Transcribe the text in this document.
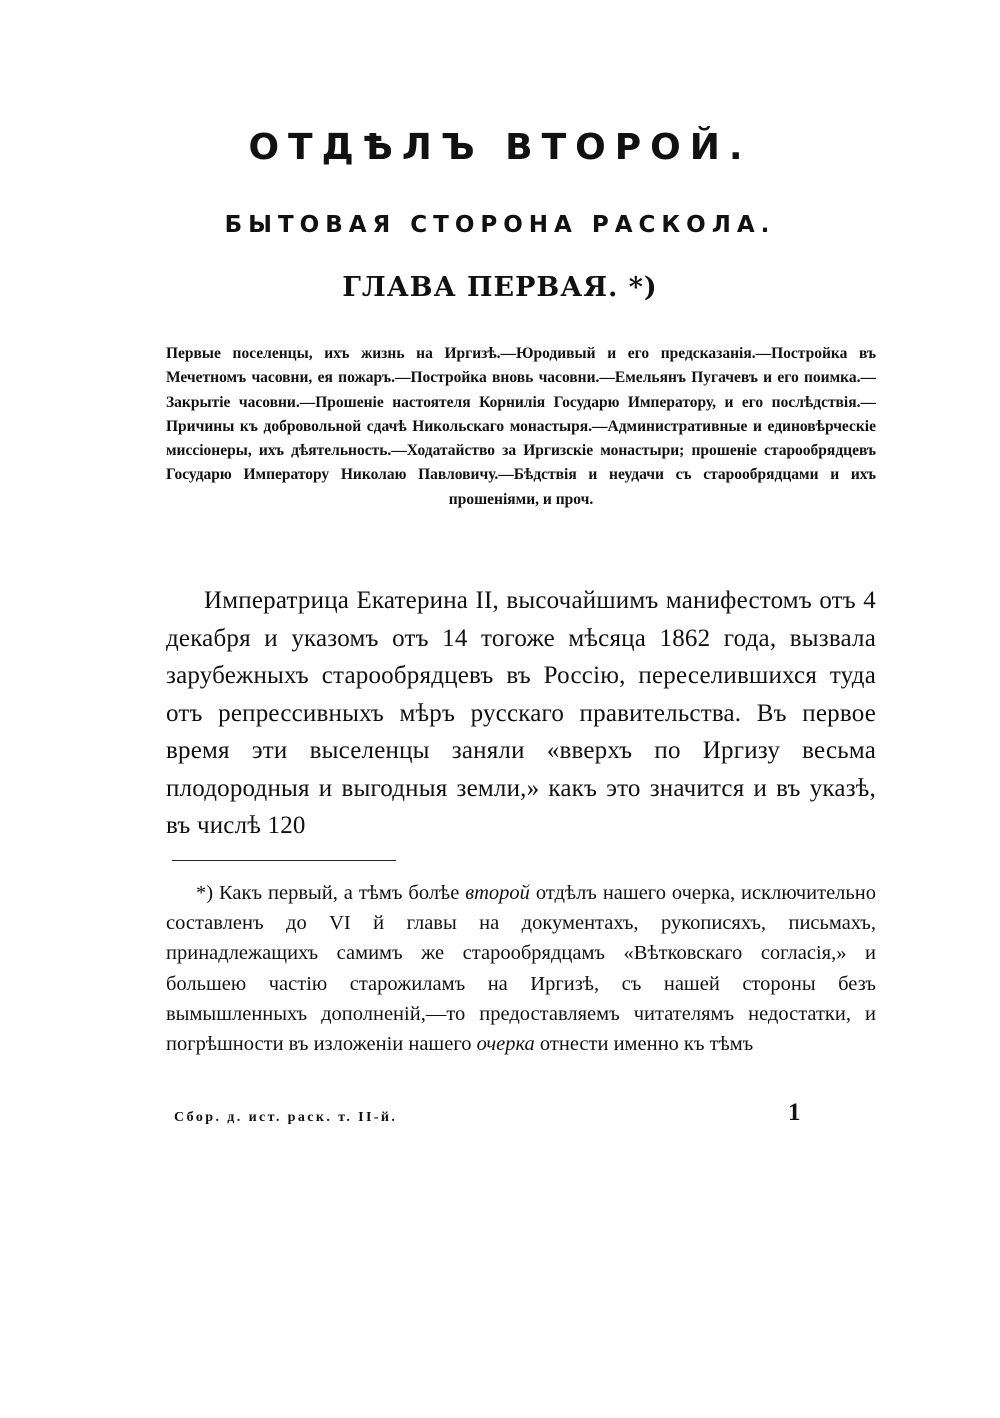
ОТДѢЛЪ ВТОРОЙ.
БЫТОВАЯ СТОРОНА РАСКОЛА.
ГЛАВА ПЕРВАЯ. *)
Первые поселенцы, ихъ жизнь на Иргизѣ.—Юродивый и его предсказанія.—Постройка въ Мечетномъ часовни, ея пожаръ.—Постройка вновь часовни.—Емельянъ Пугачевъ и его поимка.—Закрытіе часовни.—Прошеніе настоятеля Корнилія Государю Императору, и его послѣдствія.—Причины къ добровольной сдачѣ Никольскаго монастыря.—Административные и единовѣрческіе миссіонеры, ихъ дѣятельность.—Ходатайство за Иргизскіе монастыри; прошеніе старообрядцевъ Государю Императору Николаю Павловичу.—Бѣдствія и неудачи съ старообрядцами и ихъ прошеніями, и проч.
Императрица Екатерина II, высочайшимъ манифестомъ отъ 4 декабря и указомъ отъ 14 тогоже мѣсяца 1862 года, вызвала зарубежныхъ старообрядцевъ въ Россію, переселившихся туда отъ репрессивныхъ мѣръ русскаго правительства. Въ первое время эти выселенцы заняли «вверхъ по Иргизу весьма плодородныя и выгодныя земли,» какъ это значится и въ указѣ, въ числѣ 120
*) Какъ первый, а тѣмъ болѣе второй отдѣлъ нашего очерка, исключительно составленъ до VI й главы на документахъ, рукописяхъ, письмахъ, принадлежащихъ самимъ же старообрядцамъ «Вѣтковскаго согласія,» и большею частію старожиламъ на Иргизѣ, съ нашей стороны безъ вымышленныхъ дополненій,—то предоставляемъ читателямъ недостатки, и погрѣшности въ изложеніи нашего очерка отнести именно къ тѣмъ
Сбор. д. ист. раск. т. II-й.	1
